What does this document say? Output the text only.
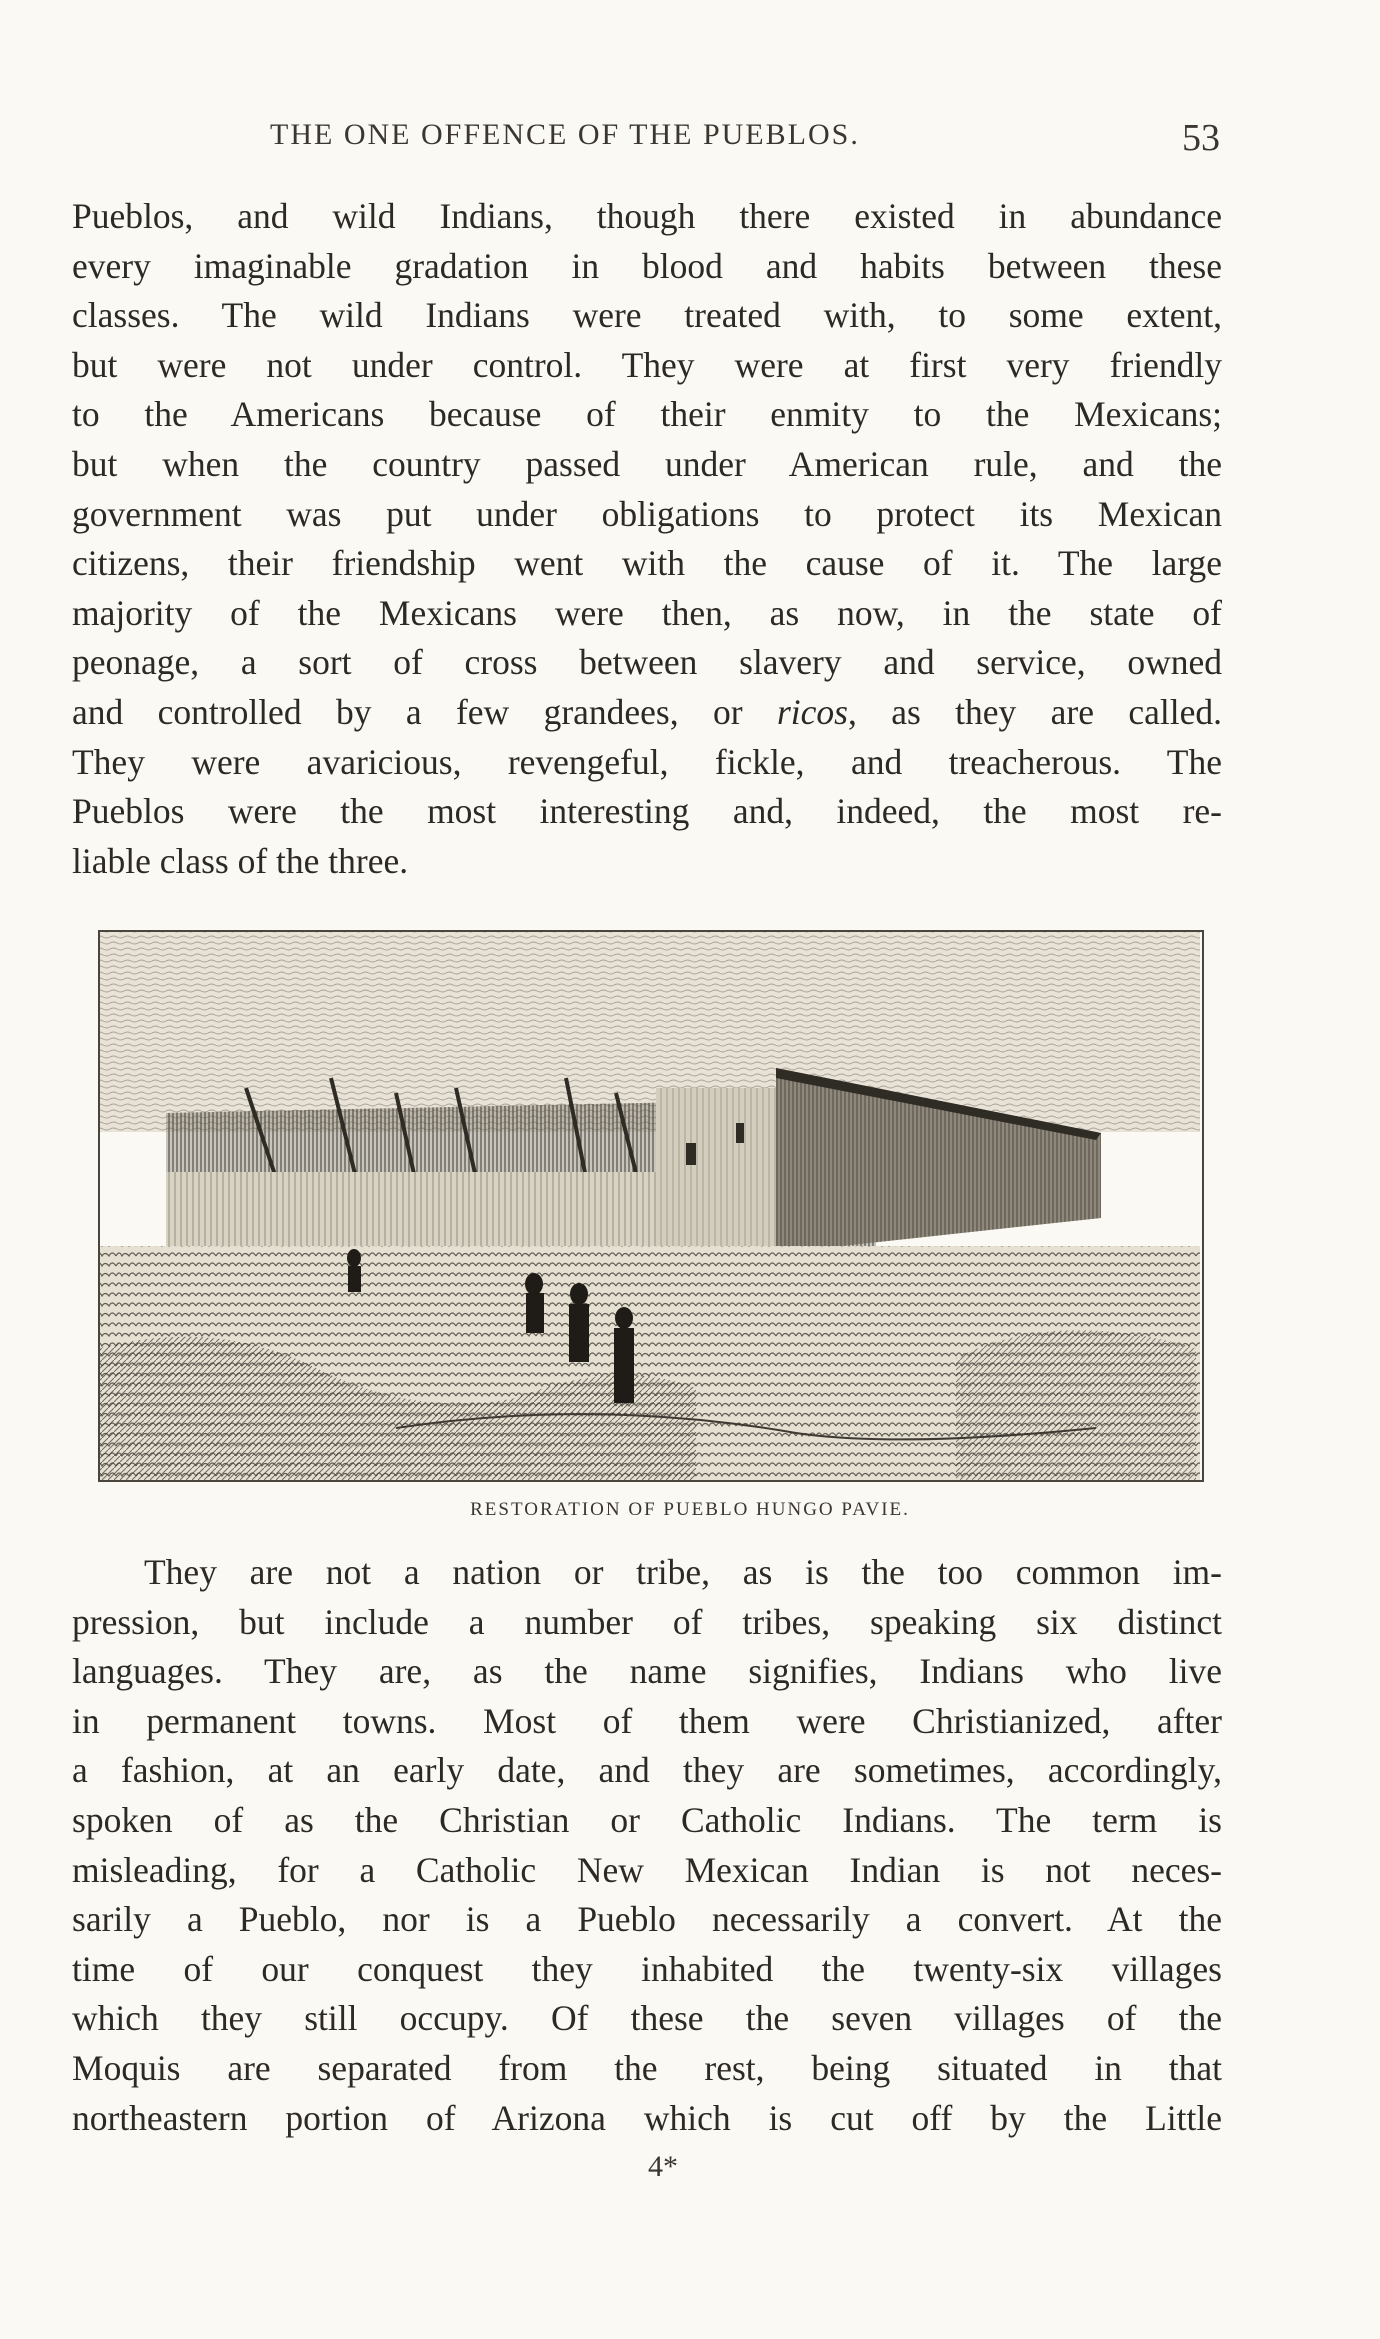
THE ONE OFFENCE OF THE PUEBLOS.	53
Pueblos, and wild Indians, though there existed in abundance
every imaginable gradation in blood and habits between these
classes. The wild Indians were treated with, to some extent,
but were not under control. They were at first very friendly
to the Americans because of their enmity to the Mexicans;
but when the country passed under American rule, and the
government was put under obligations to protect its Mexican
citizens, their friendship went with the cause of it. The large
majority of the Mexicans were then, as now, in the state of
peonage, a sort of cross between slavery and service, owned
and controlled by a few grandees, or ricos, as they are called.
They were avaricious, revengeful, fickle, and treacherous. The
Pueblos were the most interesting and, indeed, the most re-
liable class of the three.
RESTORATION OF PUEBLO HUNGO PAVIE.
They are not a nation or tribe, as is the too common im-
pression, but include a number of tribes, speaking six distinct
languages. They are, as the name signifies, Indians who live
in permanent towns. Most of them were Christianized, after
a fashion, at an early date, and they are sometimes, accordingly,
spoken of as the Christian or Catholic Indians. The term is
misleading, for a Catholic New Mexican Indian is not neces-
sarily a Pueblo, nor is a Pueblo necessarily a convert. At the
time of our conquest they inhabited the twenty-six villages
which they still occupy. Of these the seven villages of the
Moquis are separated from the rest, being situated in that
northeastern portion of Arizona which is cut off by the Little
4*
